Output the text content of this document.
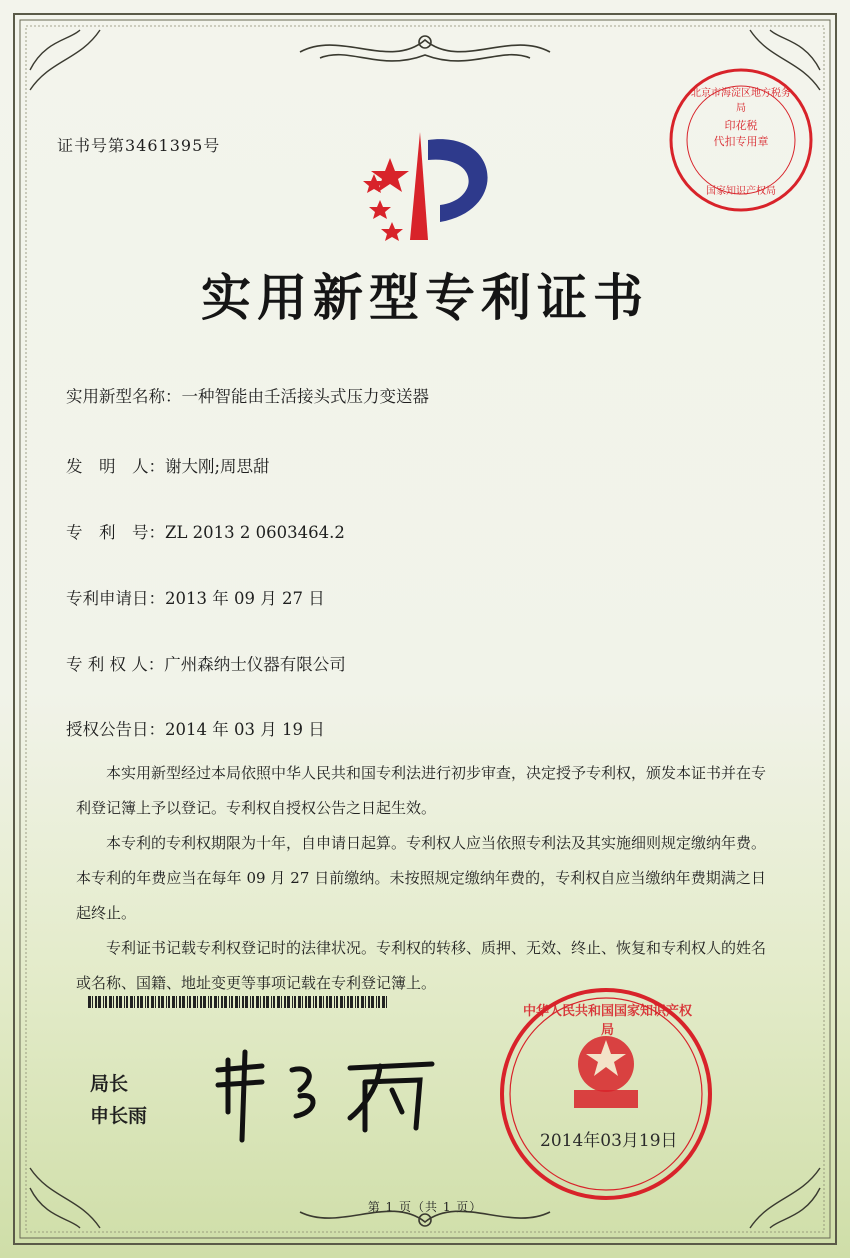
证书号第3461395号
印花税
代扣专用章
北京市海淀区地方税务局
国家知识产权局
实用新型专利证书
实用新型名称：一种智能由壬活接头式压力变送器
发　明　人：谢大刚;周思甜
专　利　号：ZL 2013 2 0603464.2
专利申请日：2013 年 09 月 27 日
专 利 权 人：广州森纳士仪器有限公司
授权公告日：2014 年 03 月 19 日

本实用新型经过本局依照中华人民共和国专利法进行初步审查，决定授予专利权，颁发本证书并在专利登记簿上予以登记。专利权自授权公告之日起生效。

本专利的专利权期限为十年，自申请日起算。专利权人应当依照专利法及其实施细则规定缴纳年费。本专利的年费应当在每年 09 月 27 日前缴纳。未按照规定缴纳年费的，专利权自应当缴纳年费期满之日起终止。

专利证书记载专利权登记时的法律状况。专利权的转移、质押、无效、终止、恢复和专利权人的姓名或名称、国籍、地址变更等事项记载在专利登记簿上。

局长
申长雨
中华人民共和国国家知识产权局
2014年03月19日
第 1 页（共 1 页）
